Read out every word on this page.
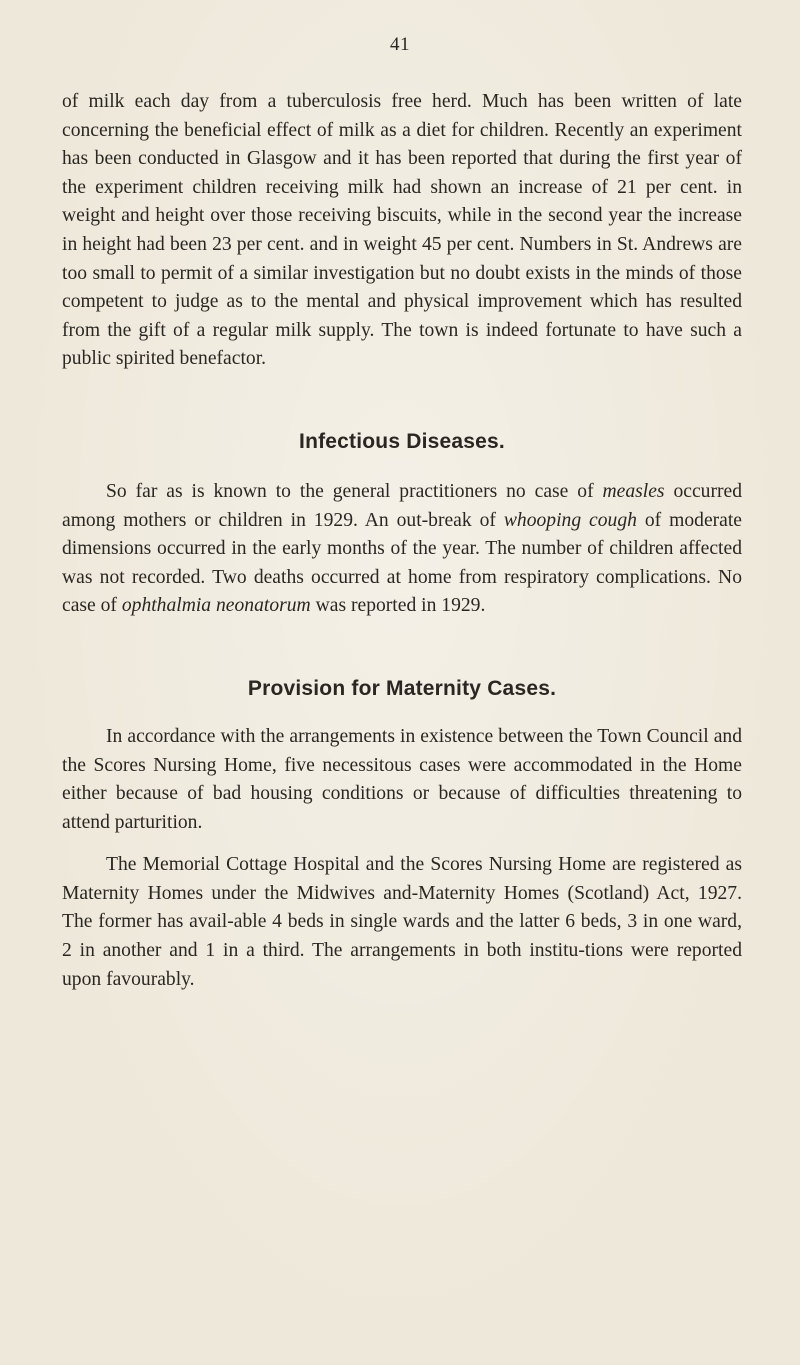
41

of milk each day from a tuberculosis free herd. Much has been written of late concerning the beneficial effect of milk as a diet for children. Recently an experiment has been conducted in Glasgow and it has been reported that during the first year of the experiment children receiving milk had shown an increase of 21 per cent. in weight and height over those receiving biscuits, while in the second year the increase in height had been 23 per cent. and in weight 45 per cent. Numbers in St. Andrews are too small to permit of a similar investigation but no doubt exists in the minds of those competent to judge as to the mental and physical improvement which has resulted from the gift of a regular milk supply. The town is indeed fortunate to have such a public spirited benefactor.

Infectious Diseases.

So far as is known to the general practitioners no case of measles occurred among mothers or children in 1929. An out-break of whooping cough of moderate dimensions occurred in the early months of the year. The number of children affected was not recorded. Two deaths occurred at home from respiratory complications. No case of ophthalmia neonatorum was reported in 1929.

Provision for Maternity Cases.

In accordance with the arrangements in existence between the Town Council and the Scores Nursing Home, five necessitous cases were accommodated in the Home either because of bad housing conditions or because of difficulties threatening to attend parturition.

The Memorial Cottage Hospital and the Scores Nursing Home are registered as Maternity Homes under the Midwives and-Maternity Homes (Scotland) Act, 1927. The former has avail-able 4 beds in single wards and the latter 6 beds, 3 in one ward, 2 in another and 1 in a third. The arrangements in both institu-tions were reported upon favourably.
